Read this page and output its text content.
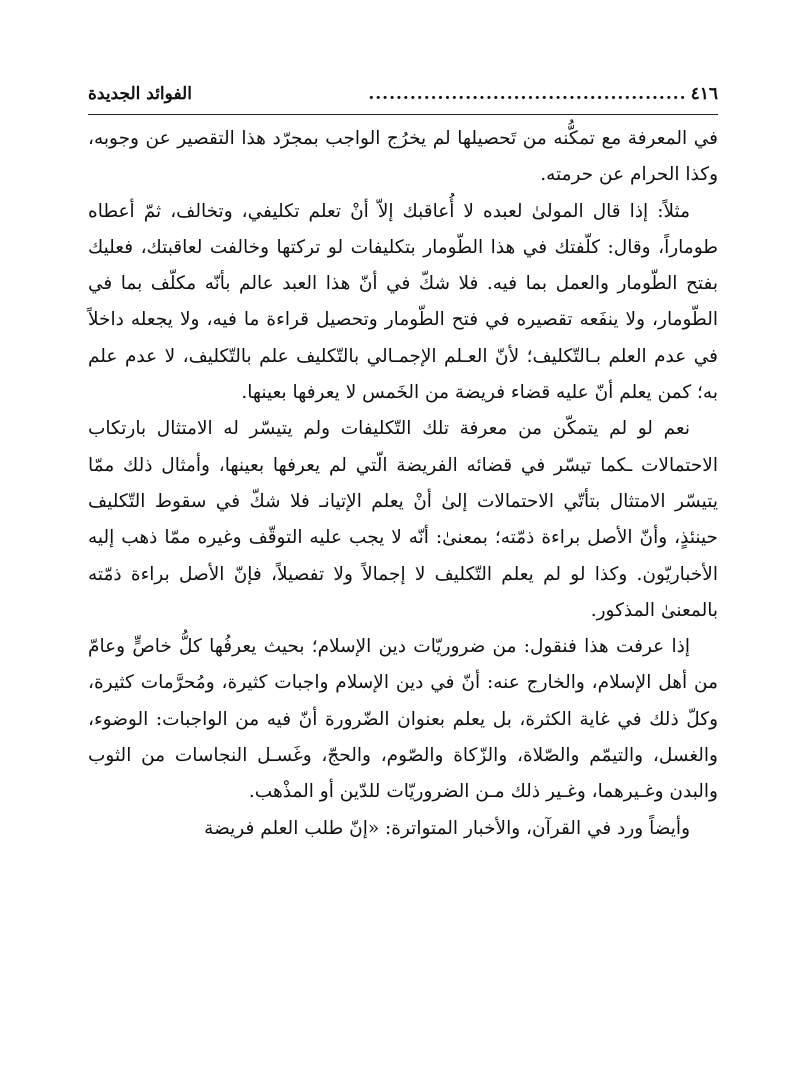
٤١٦
..............................................
الفوائد الجديدة

في المعرفة مع تمكُّنه من تَحصيلها لم يخرُج الواجب بمجرّد هذا التقصير عن وجوبه، وكذا الحرام عن حرمته.

مثلاً: إذا قال المولىٰ لعبده لا أُعاقبك إلاّ أنْ تعلم تكليفي، وتخالف، ثمّ أعطاه طوماراً، وقال: كلّفتك في هذا الطّومار بتكليفات لو تركتها وخالفت لعاقبتك، فعليك بفتح الطّومار والعمل بما فيه. فلا شكّ في أنّ هذا العبد عالم بأنّه مكلّف بما في الطّومار، ولا ينفَعه تقصيره في فتح الطّومار وتحصيل قراءة ما فيه، ولا يجعله داخلاً في عدم العلم بـالتّكليف؛ لأنّ العـلم الإجمـالي بالتّكليف علم بالتّكليف، لا عدم علم به؛ كمن يعلم أنّ عليه قضاء فريضة من الخَمس لا يعرفها بعينها.

نعم لو لم يتمكّن من معرفة تلك التّكليفات ولم يتيسّر له الامتثال بارتكاب الاحتمالات ـكما تيسّر في قضائه الفريضة الّتي لم يعرفها بعينها، وأمثال ذلك ممّا يتيسّر الامتثال بتأتّي الاحتمالات إلىٰ أنْ يعلم الإتيانـ فلا شكّ في سقوط التّكليف حينئذٍ، وأنّ الأصل براءة ذمّته؛ بمعنىٰ: أنّه لا يجب عليه التوقّف وغيره ممّا ذهب إليه الأخباريّون. وكذا لو لم يعلم التّكليف لا إجمالاً ولا تفصيلاً، فإنّ الأصل براءة ذمّته بالمعنىٰ المذكور.

إذا عرفت هذا فنقول: من ضروريّات دين الإسلام؛ بحيث يعرفُها كلُّ خاصٍّ وعامّ من أهل الإسلام، والخارج عنه: أنّ في دين الإسلام واجبات كثيرة، ومُحرَّمات كثيرة، وكلّ ذلك في غاية الكثرة، بل يعلم بعنوان الضّرورة أنّ فيه من الواجبات: الوضوء، والغسل، والتيمّم والصّلاة، والزّكاة والصّوم، والحجّ، وغَسـل النجاسات من الثوب والبدن وغـيرهما، وغـير ذلك مـن الضروريّات للدّين أو المذْهب.

وأيضاً ورد في القرآن، والأخبار المتواترة: «إنّ طلب العلم فريضة
